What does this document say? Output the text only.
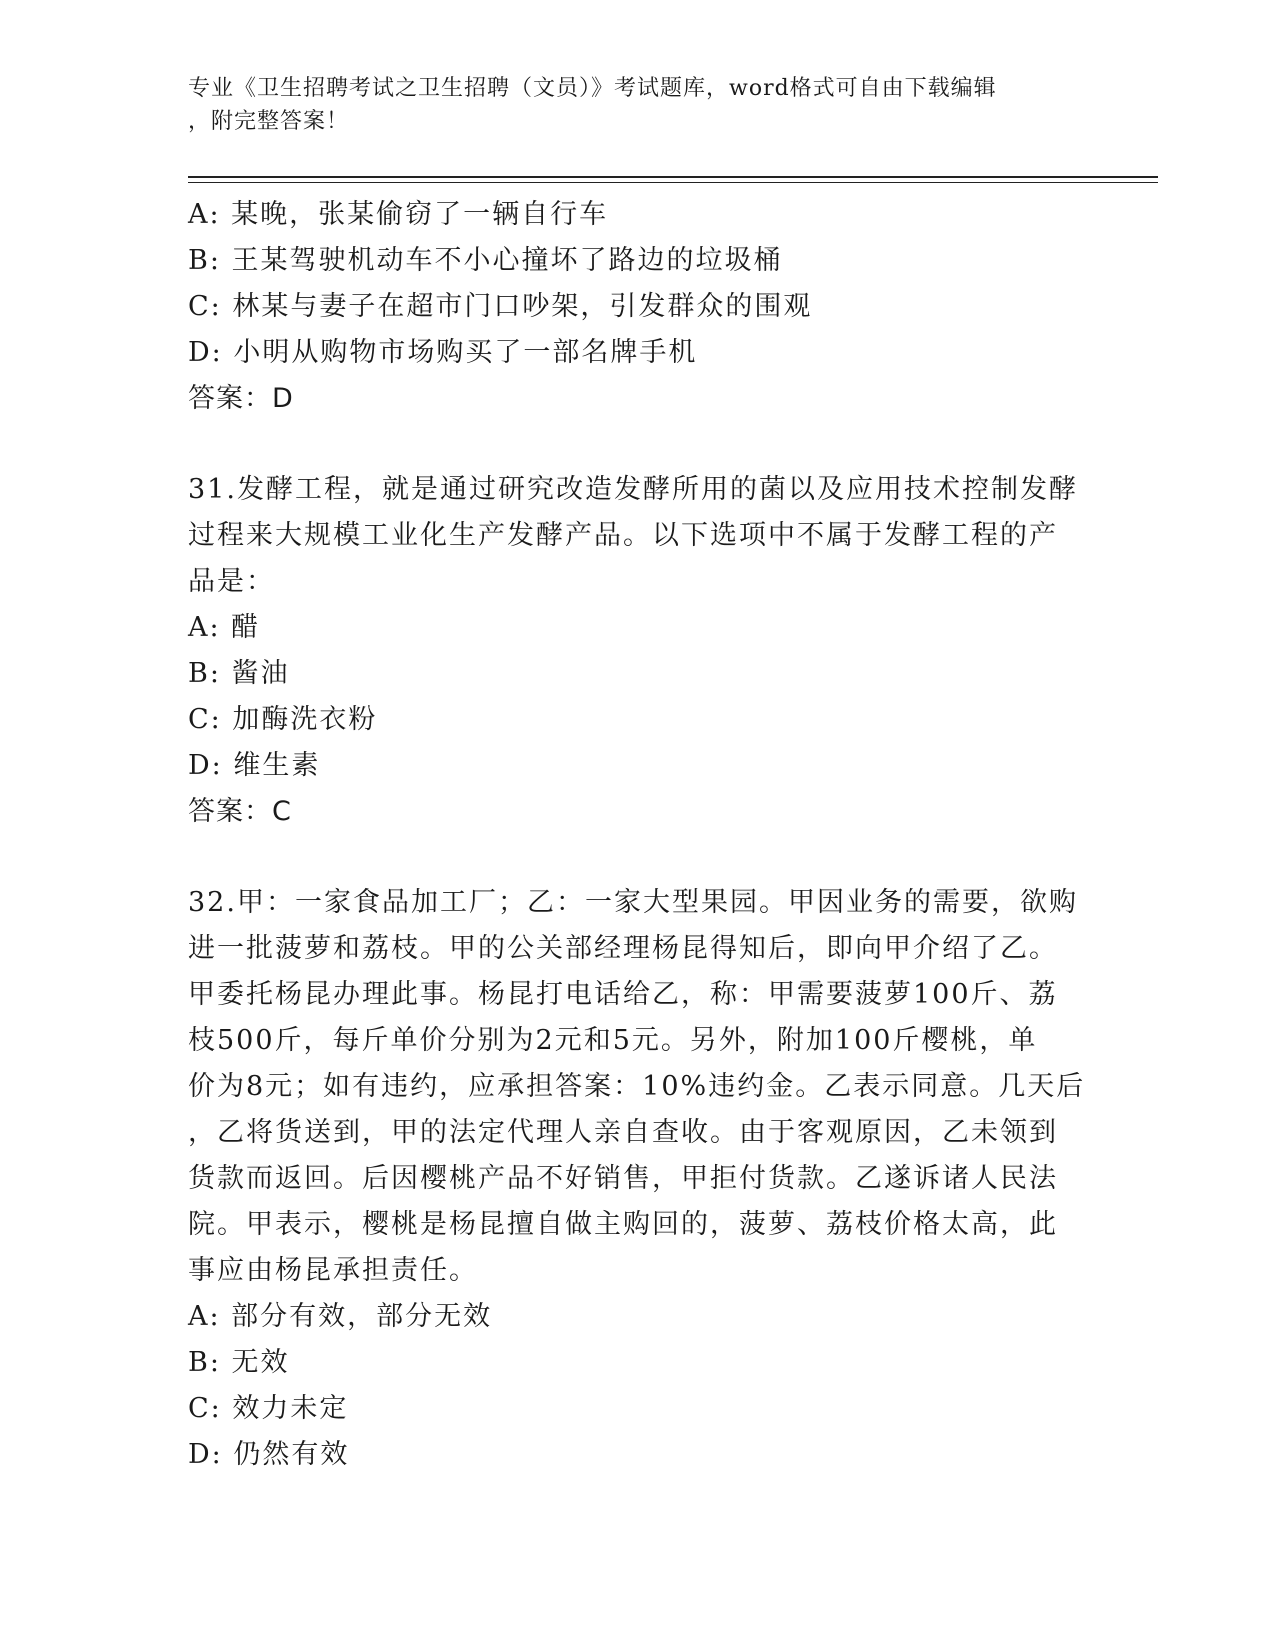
专业《卫生招聘考试之卫生招聘（文员）》考试题库，word格式可自由下载编辑
，附完整答案！
A: 某晚，张某偷窃了一辆自行车
B: 王某驾驶机动车不小心撞坏了路边的垃圾桶
C: 林某与妻子在超市门口吵架，引发群众的围观
D: 小明从购物市场购买了一部名牌手机
答案：D
31.发酵工程，就是通过研究改造发酵所用的菌以及应用技术控制发酵
过程来大规模工业化生产发酵产品。以下选项中不属于发酵工程的产
品是：
A: 醋
B: 酱油
C: 加酶洗衣粉
D: 维生素
答案：C
32.甲：一家食品加工厂；乙：一家大型果园。甲因业务的需要，欲购
进一批菠萝和荔枝。甲的公关部经理杨昆得知后，即向甲介绍了乙。
甲委托杨昆办理此事。杨昆打电话给乙，称：甲需要菠萝100斤、荔
枝500斤，每斤单价分别为2元和5元。另外，附加100斤樱桃，单
价为8元；如有违约，应承担答案：10%违约金。乙表示同意。几天后
，乙将货送到，甲的法定代理人亲自查收。由于客观原因，乙未领到
货款而返回。后因樱桃产品不好销售，甲拒付货款。乙遂诉诸人民法
院。甲表示，樱桃是杨昆擅自做主购回的，菠萝、荔枝价格太高，此
事应由杨昆承担责任。
A: 部分有效，部分无效
B: 无效
C: 效力未定
D: 仍然有效
